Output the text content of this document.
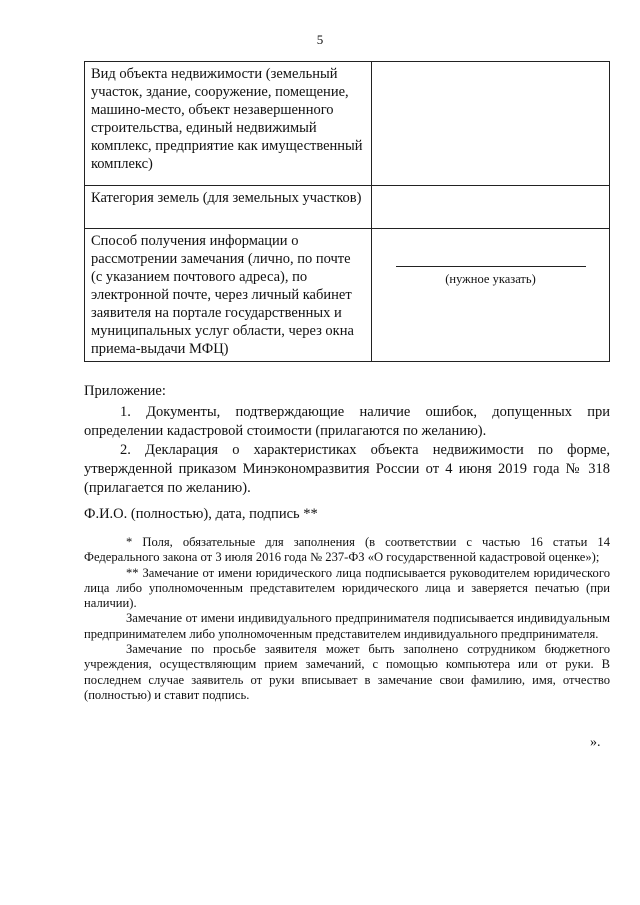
5
Вид объекта недвижимости (земельный участок, здание, сооружение, помещение, машино-место, объект незавершенного строительства, единый недвижимый комплекс, предприятие как имущественный комплекс)	
Категория земель (для земельных участков)	
Способ получения информации о рассмотрении замечания (лично, по почте (с указанием почтового адреса), по электронной почте, через личный кабинет заявителя на портале государственных и муниципальных услуг области, через окна приема-выдачи МФЦ)	(нужное указать)

Приложение:

1. Документы, подтверждающие наличие ошибок, допущенных при определении кадастровой стоимости (прилагаются по желанию).

2. Декларация о характеристиках объекта недвижимости по форме, утвержденной приказом Минэкономразвития России от 4 июня 2019 года № 318 (прилагается по желанию).

Ф.И.О. (полностью), дата, подпись **

* Поля, обязательные для заполнения (в соответствии с частью 16 статьи 14 Федерального закона от 3 июля 2016 года № 237-ФЗ «О государственной кадастровой оценке»);

** Замечание от имени юридического лица подписывается руководителем юридического лица либо уполномоченным представителем юридического лица и заверяется печатью (при наличии).

Замечание от имени индивидуального предпринимателя подписывается индивидуальным предпринимателем либо уполномоченным представителем индивидуального предпринимателя.

Замечание по просьбе заявителя может быть заполнено сотрудником бюджетного учреждения, осуществляющим прием замечаний, с помощью компьютера или от руки. В последнем случае заявитель от руки вписывает в замечание свои фамилию, имя, отчество (полностью) и ставит подпись.

».
